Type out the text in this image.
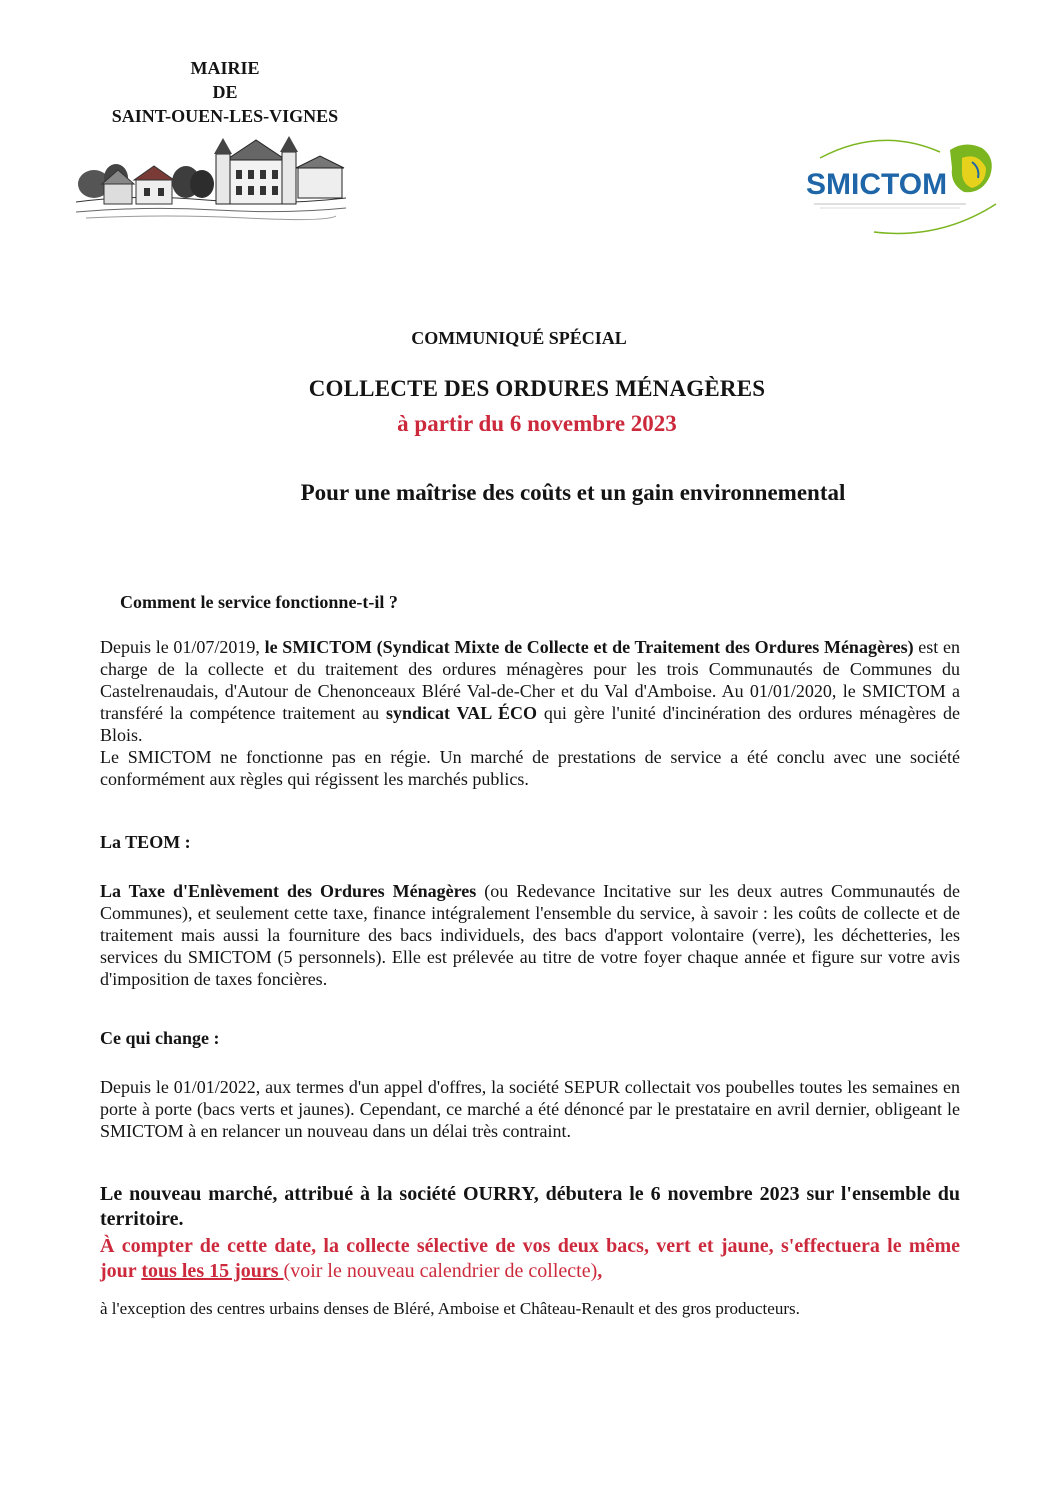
MAIRIE
DE
SAINT-OUEN-LES-VIGNES
SMICTOM
COMMUNIQUÉ SPÉCIAL
COLLECTE DES ORDURES MÉNAGÈRES
à partir du 6 novembre 2023
Pour une maîtrise des coûts et un gain environnemental
Comment le service fonctionne-t-il ?
Depuis le 01/07/2019, le SMICTOM (Syndicat Mixte de Collecte et de Traitement des Ordures Ménagères) est en charge de la collecte et du traitement des ordures ménagères pour les trois Communautés de Communes du Castelrenaudais, d'Autour de Chenonceaux Bléré Val-de-Cher et du Val d'Amboise. Au 01/01/2020, le SMICTOM a transféré la compétence traitement au syndicat VAL ÉCO qui gère l'unité d'incinération des ordures ménagères de Blois.
Le SMICTOM ne fonctionne pas en régie. Un marché de prestations de service a été conclu avec une société conformément aux règles qui régissent les marchés publics.
La TEOM :
La Taxe d'Enlèvement des Ordures Ménagères (ou Redevance Incitative sur les deux autres Communautés de Communes), et seulement cette taxe, finance intégralement l'ensemble du service, à savoir : les coûts de collecte et de traitement mais aussi la fourniture des bacs individuels, des bacs d'apport volontaire (verre), les déchetteries, les services du SMICTOM (5 personnels). Elle est prélevée au titre de votre foyer chaque année et figure sur votre avis d'imposition de taxes foncières.
Ce qui change :
Depuis le 01/01/2022, aux termes d'un appel d'offres, la société SEPUR collectait vos poubelles toutes les semaines en porte à porte (bacs verts et jaunes). Cependant, ce marché a été dénoncé par le prestataire en avril dernier, obligeant le SMICTOM à en relancer un nouveau dans un délai très contraint.
Le nouveau marché, attribué à la société OURRY, débutera le 6 novembre 2023 sur l'ensemble du territoire.
À compter de cette date, la collecte sélective de vos deux bacs, vert et jaune, s'effectuera le même jour tous les 15 jours (voir le nouveau calendrier de collecte),
à l'exception des centres urbains denses de Bléré, Amboise et Château-Renault et des gros producteurs.
